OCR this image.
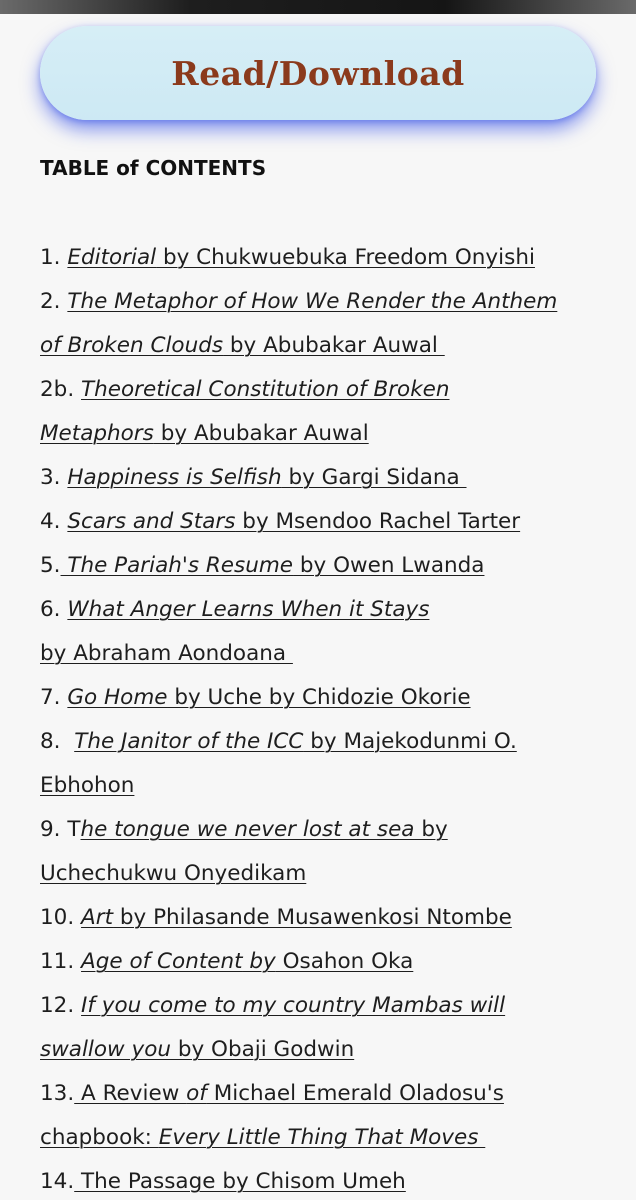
Read/Download
TABLE of CONTENTS
1. Editorial by Chukwuebuka Freedom Onyishi
2. The Metaphor of How We Render the Anthem
of Broken Clouds by Abubakar Auwal
2b. Theoretical Constitution of Broken
Metaphors by Abubakar Auwal
3. Happiness is Selfish by Gargi Sidana
4. Scars and Stars by Msendoo Rachel Tarter
5. The Pariah's Resume by Owen Lwanda
6. What Anger Learns When it Stays
by Abraham Aondoana
7. Go Home by Uche by Chidozie Okorie
8. The Janitor of the ICC by Majekodunmi O.
Ebhohon
9. The tongue we never lost at sea by
Uchechukwu Onyedikam
10. Art by Philasande Musawenkosi Ntombe
11. Age of Content by Osahon Oka
12. If you come to my country Mambas will
swallow you by Obaji Godwin
13. A Review of Michael Emerald Oladosu's
chapbook: Every Little Thing That Moves
14. The Passage by Chisom Umeh
